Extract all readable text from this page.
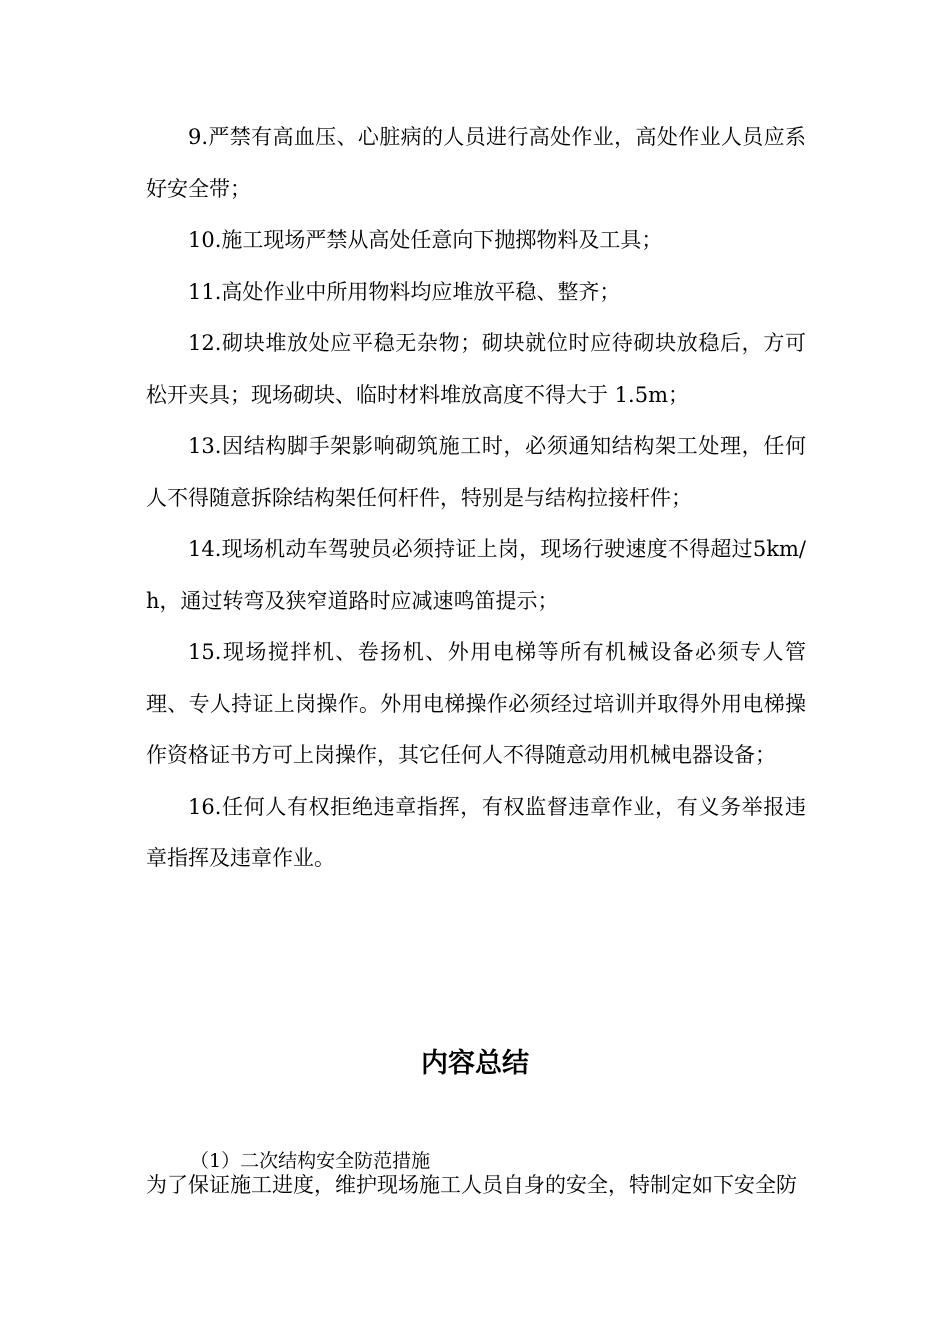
9.严禁有高血压、心脏病的人员进行高处作业，高处作业人员应系好安全带；

10.施工现场严禁从高处任意向下抛掷物料及工具；

11.高处作业中所用物料均应堆放平稳、整齐；

12.砌块堆放处应平稳无杂物；砌块就位时应待砌块放稳后，方可松开夹具；现场砌块、临时材料堆放高度不得大于 1.5m；

13.因结构脚手架影响砌筑施工时，必须通知结构架工处理，任何人不得随意拆除结构架任何杆件，特别是与结构拉接杆件；

14.现场机动车驾驶员必须持证上岗，现场行驶速度不得超过5km/h，通过转弯及狭窄道路时应减速鸣笛提示；

15.现场搅拌机、卷扬机、外用电梯等所有机械设备必须专人管理、专人持证上岗操作。外用电梯操作必须经过培训并取得外用电梯操作资格证书方可上岗操作，其它任何人不得随意动用机械电器设备；

16.任何人有权拒绝违章指挥，有权监督违章作业，有义务举报违章指挥及违章作业。

内容总结

（1）二次结构安全防范措施

为了保证施工进度，维护现场施工人员自身的安全，特制定如下安全防
